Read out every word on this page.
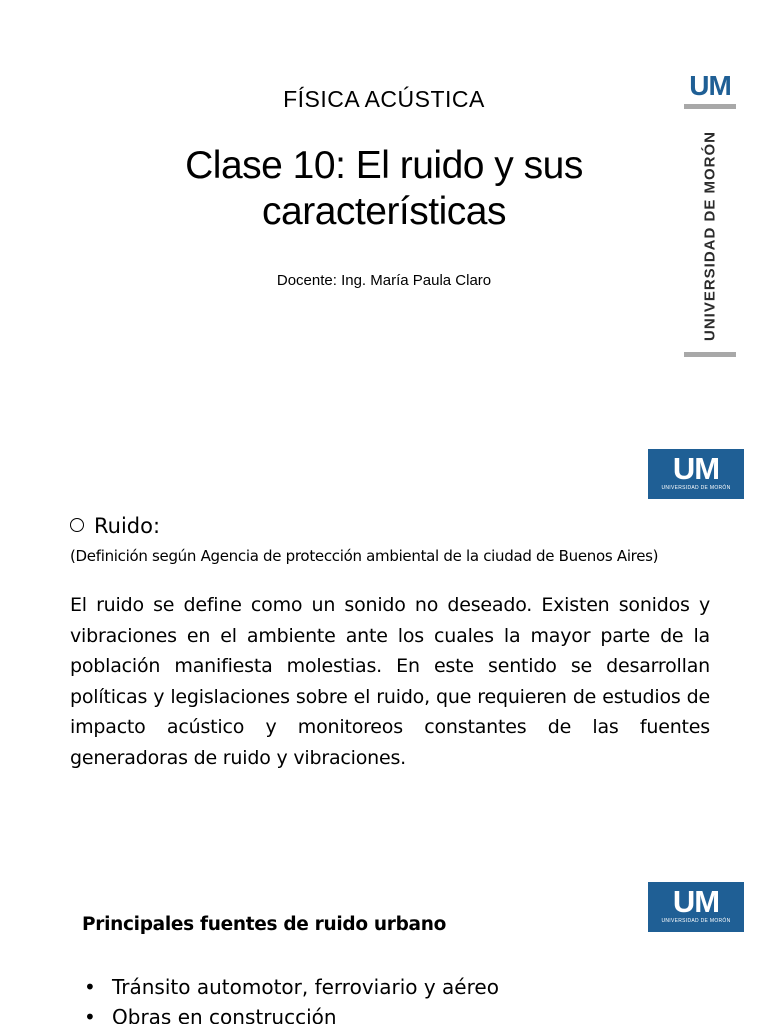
FÍSICA ACÚSTICA
Clase 10: El ruido y sus
características
Docente: Ing. María Paula Claro
UM
UNIVERSIDAD DE MORÓN
UM
UNIVERSIDAD DE MORÓN
Ruido:
(Definición según Agencia de protección ambiental de la ciudad de Buenos Aires)
El ruido se define como un sonido no deseado. Existen sonidos y vibraciones en el ambiente ante los cuales la mayor parte de la población manifiesta molestias. En este sentido se desarrollan políticas y legislaciones sobre el ruido, que requieren de estudios de impacto acústico y monitoreos constantes de las fuentes generadoras de ruido y vibraciones.
UM
UNIVERSIDAD DE MORÓN
Principales fuentes de ruido urbano
• Tránsito automotor, ferroviario y aéreo
• Obras en construcción
